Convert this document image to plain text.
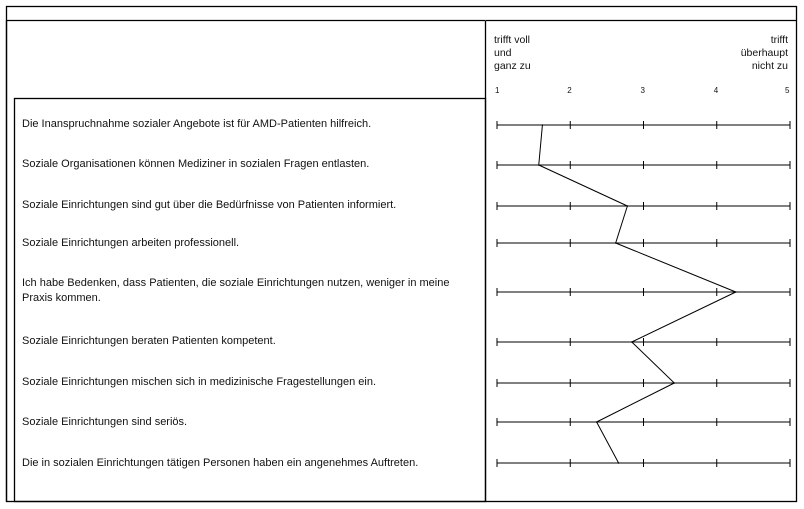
trifft voll
und
ganz zu
trifft
überhaupt
nicht zu
1	2	3	4	5
Die Inanspruchnahme sozialer Angebote ist für AMD-Patienten hilfreich.
Soziale Organisationen können Mediziner in sozialen Fragen entlasten.
Soziale Einrichtungen sind gut über die Bedürfnisse von Patienten informiert.
Soziale Einrichtungen arbeiten professionell.
Ich habe Bedenken, dass Patienten, die soziale Einrichtungen nutzen, weniger in meine Praxis kommen.
Soziale Einrichtungen beraten Patienten kompetent.
Soziale Einrichtungen mischen sich in medizinische Fragestellungen ein.
Soziale Einrichtungen sind seriös.
Die in sozialen Einrichtungen tätigen Personen haben ein angenehmes Auftreten.
